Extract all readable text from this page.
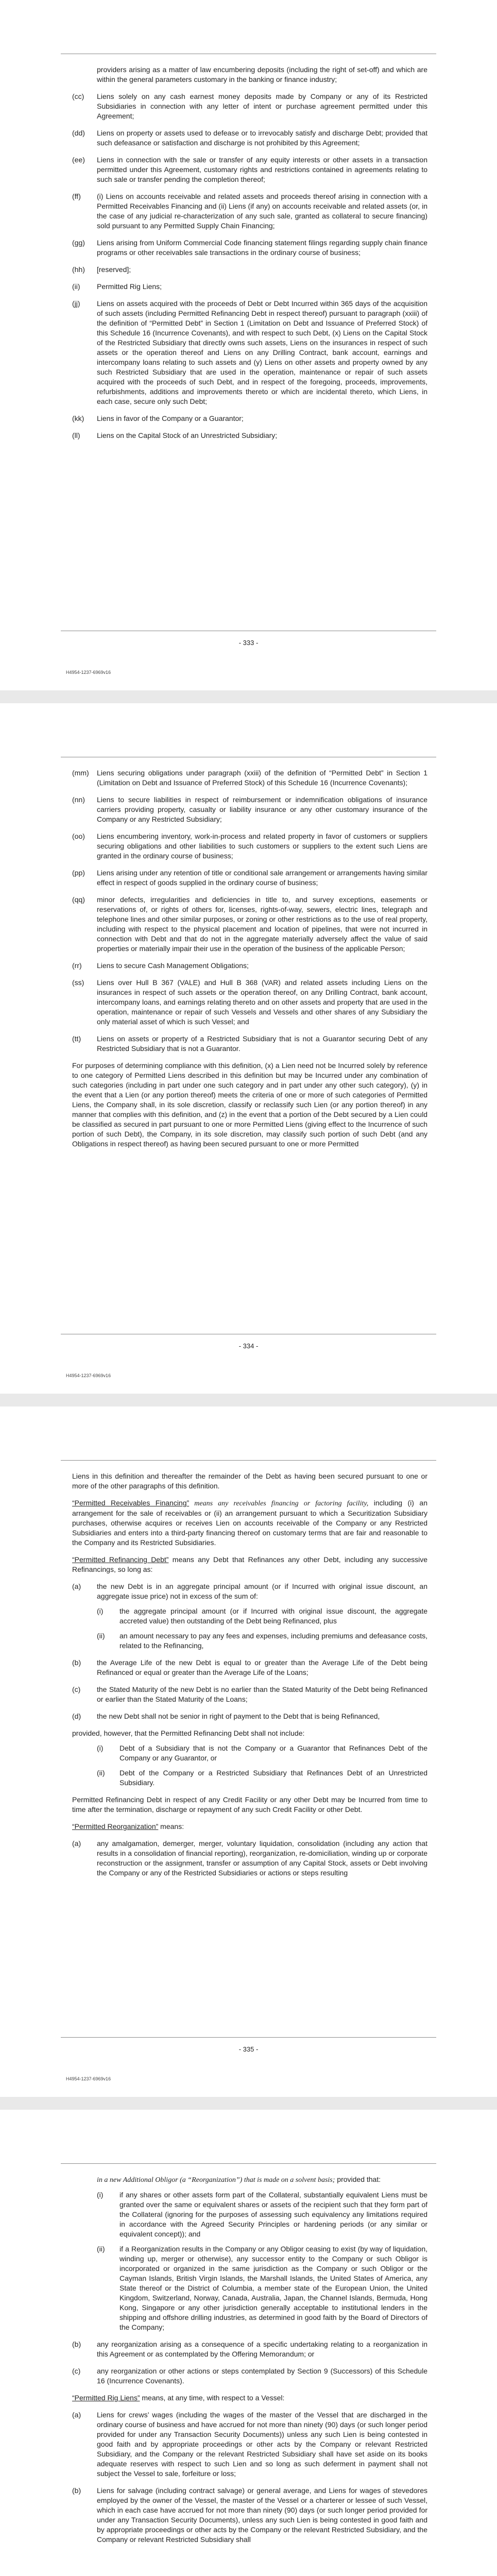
providers arising as a matter of law encumbering deposits (including the right of set-off) and which are within the general parameters customary in the banking or finance industry;
(cc)	Liens solely on any cash earnest money deposits made by Company or any of its Restricted Subsidiaries in connection with any letter of intent or purchase agreement permitted under this Agreement;
(dd)	Liens on property or assets used to defease or to irrevocably satisfy and discharge Debt; provided that such defeasance or satisfaction and discharge is not prohibited by this Agreement;
(ee)	Liens in connection with the sale or transfer of any equity interests or other assets in a transaction permitted under this Agreement, customary rights and restrictions contained in agreements relating to such sale or transfer pending the completion thereof;
(ff)	(i) Liens on accounts receivable and related assets and proceeds thereof arising in connection with a Permitted Receivables Financing and (ii) Liens (if any) on accounts receivable and related assets (or, in the case of any judicial re-characterization of any such sale, granted as collateral to secure financing) sold pursuant to any Permitted Supply Chain Financing;
(gg)	Liens arising from Uniform Commercial Code financing statement filings regarding supply chain finance programs or other receivables sale transactions in the ordinary course of business;
(hh)	[reserved];
(ii)	Permitted Rig Liens;
(jj)	Liens on assets acquired with the proceeds of Debt or Debt Incurred within 365 days of the acquisition of such assets (including Permitted Refinancing Debt in respect thereof) pursuant to paragraph (xxiii) of the definition of “Permitted Debt” in Section 1 (Limitation on Debt and Issuance of Preferred Stock) of this Schedule 16 (Incurrence Covenants), and with respect to such Debt, (x) Liens on the Capital Stock of the Restricted Subsidiary that directly owns such assets, Liens on the insurances in respect of such assets or the operation thereof and Liens on any Drilling Contract, bank account, earnings and intercompany loans relating to such assets and (y) Liens on other assets and property owned by any such Restricted Subsidiary that are used in the operation, maintenance or repair of such assets acquired with the proceeds of such Debt, and in respect of the foregoing, proceeds, improvements, refurbishments, additions and improvements thereto or which are incidental thereto, which Liens, in each case, secure only such Debt;
(kk)	Liens in favor of the Company or a Guarantor;
(ll)	Liens on the Capital Stock of an Unrestricted Subsidiary;
- 333 -
H4954-1237-6969v16
(mm)	Liens securing obligations under paragraph (xxiii) of the definition of “Permitted Debt” in Section 1 (Limitation on Debt and Issuance of Preferred Stock) of this Schedule 16 (Incurrence Covenants);
(nn)	Liens to secure liabilities in respect of reimbursement or indemnification obligations of insurance carriers providing property, casualty or liability insurance or any other customary insurance of the Company or any Restricted Subsidiary;
(oo)	Liens encumbering inventory, work-in-process and related property in favor of customers or suppliers securing obligations and other liabilities to such customers or suppliers to the extent such Liens are granted in the ordinary course of business;
(pp)	Liens arising under any retention of title or conditional sale arrangement or arrangements having similar effect in respect of goods supplied in the ordinary course of business;
(qq)	minor defects, irregularities and deficiencies in title to, and survey exceptions, easements or reservations of, or rights of others for, licenses, rights-of-way, sewers, electric lines, telegraph and telephone lines and other similar purposes, or zoning or other restrictions as to the use of real property, including with respect to the physical placement and location of pipelines, that were not incurred in connection with Debt and that do not in the aggregate materially adversely affect the value of said properties or materially impair their use in the operation of the business of the applicable Person;
(rr)	Liens to secure Cash Management Obligations;
(ss)	Liens over Hull B 367 (VALE) and Hull B 368 (VAR) and related assets including Liens on the insurances in respect of such assets or the operation thereof, on any Drilling Contract, bank account, intercompany loans, and earnings relating thereto and on other assets and property that are used in the operation, maintenance or repair of such Vessels and Vessels and other shares of any Subsidiary the only material asset of which is such Vessel; and
(tt)	Liens on assets or property of a Restricted Subsidiary that is not a Guarantor securing Debt of any Restricted Subsidiary that is not a Guarantor.

For purposes of determining compliance with this definition, (x) a Lien need not be Incurred solely by reference to one category of Permitted Liens described in this definition but may be Incurred under any combination of such categories (including in part under one such category and in part under any other such category), (y) in the event that a Lien (or any portion thereof) meets the criteria of one or more of such categories of Permitted Liens, the Company shall, in its sole discretion, classify or reclassify such Lien (or any portion thereof) in any manner that complies with this definition, and (z) in the event that a portion of the Debt secured by a Lien could be classified as secured in part pursuant to one or more Permitted Liens (giving effect to the Incurrence of such portion of such Debt), the Company, in its sole discretion, may classify such portion of such Debt (and any Obligations in respect thereof) as having been secured pursuant to one or more Permitted

- 334 -
H4954-1237-6969v16

Liens in this definition and thereafter the remainder of the Debt as having been secured pursuant to one or more of the other paragraphs of this definition.

“Permitted Receivables Financing” means any receivables financing or factoring facility, including (i) an arrangement for the sale of receivables or (ii) an arrangement pursuant to which a Securitization Subsidiary purchases, otherwise acquires or receives Lien on accounts receivable of the Company or any Restricted Subsidiaries and enters into a third-party financing thereof on customary terms that are fair and reasonable to the Company and its Restricted Subsidiaries.

“Permitted Refinancing Debt” means any Debt that Refinances any other Debt, including any successive Refinancings, so long as:

(a)	the new Debt is in an aggregate principal amount (or if Incurred with original issue discount, an aggregate issue price) not in excess of the sum of:
(i)	the aggregate principal amount (or if Incurred with original issue discount, the aggregate accreted value) then outstanding of the Debt being Refinanced, plus
(ii)	an amount necessary to pay any fees and expenses, including premiums and defeasance costs, related to the Refinancing,
(b)	the Average Life of the new Debt is equal to or greater than the Average Life of the Debt being Refinanced or equal or greater than the Average Life of the Loans;
(c)	the Stated Maturity of the new Debt is no earlier than the Stated Maturity of the Debt being Refinanced or earlier than the Stated Maturity of the Loans;
(d)	the new Debt shall not be senior in right of payment to the Debt that is being Refinanced,

provided, however, that the Permitted Refinancing Debt shall not include:

(i)	Debt of a Subsidiary that is not the Company or a Guarantor that Refinances Debt of the Company or any Guarantor, or
(ii)	Debt of the Company or a Restricted Subsidiary that Refinances Debt of an Unrestricted Subsidiary.

Permitted Refinancing Debt in respect of any Credit Facility or any other Debt may be Incurred from time to time after the termination, discharge or repayment of any such Credit Facility or other Debt.

“Permitted Reorganization” means:

(a)	any amalgamation, demerger, merger, voluntary liquidation, consolidation (including any action that results in a consolidation of financial reporting), reorganization, re-domiciliation, winding up or corporate reconstruction or the assignment, transfer or assumption of any Capital Stock, assets or Debt involving the Company or any of the Restricted Subsidiaries or actions or steps resulting
- 335 -
H4954-1237-6969v16
in a new Additional Obligor (a “Reorganization”) that is made on a solvent basis; provided that:
(i)	if any shares or other assets form part of the Collateral, substantially equivalent Liens must be granted over the same or equivalent shares or assets of the recipient such that they form part of the Collateral (ignoring for the purposes of assessing such equivalency any limitations required in accordance with the Agreed Security Principles or hardening periods (or any similar or equivalent concept)); and
(ii)	if a Reorganization results in the Company or any Obligor ceasing to exist (by way of liquidation, winding up, merger or otherwise), any successor entity to the Company or such Obligor is incorporated or organized in the same jurisdiction as the Company or such Obligor or the Cayman Islands, British Virgin Islands, the Marshall Islands, the United States of America, any State thereof or the District of Columbia, a member state of the European Union, the United Kingdom, Switzerland, Norway, Canada, Australia, Japan, the Channel Islands, Bermuda, Hong Kong, Singapore or any other jurisdiction generally acceptable to institutional lenders in the shipping and offshore drilling industries, as determined in good faith by the Board of Directors of the Company;
(b)	any reorganization arising as a consequence of a specific undertaking relating to a reorganization in this Agreement or as contemplated by the Offering Memorandum; or
(c)	any reorganization or other actions or steps contemplated by Section 9 (Successors) of this Schedule 16 (Incurrence Covenants).

“Permitted Rig Liens” means, at any time, with respect to a Vessel:

(a)	Liens for crews’ wages (including the wages of the master of the Vessel that are discharged in the ordinary course of business and have accrued for not more than ninety (90) days (or such longer period provided for under any Transaction Security Documents)) unless any such Lien is being contested in good faith and by appropriate proceedings or other acts by the Company or relevant Restricted Subsidiary, and the Company or the relevant Restricted Subsidiary shall have set aside on its books adequate reserves with respect to such Lien and so long as such deferment in payment shall not subject the Vessel to sale, forfeiture or loss;
(b)	Liens for salvage (including contract salvage) or general average, and Liens for wages of stevedores employed by the owner of the Vessel, the master of the Vessel or a charterer or lessee of such Vessel, which in each case have accrued for not more than ninety (90) days (or such longer period provided for under any Transaction Security Documents), unless any such Lien is being contested in good faith and by appropriate proceedings or other acts by the Company or the relevant Restricted Subsidiary, and the Company or relevant Restricted Subsidiary shall
